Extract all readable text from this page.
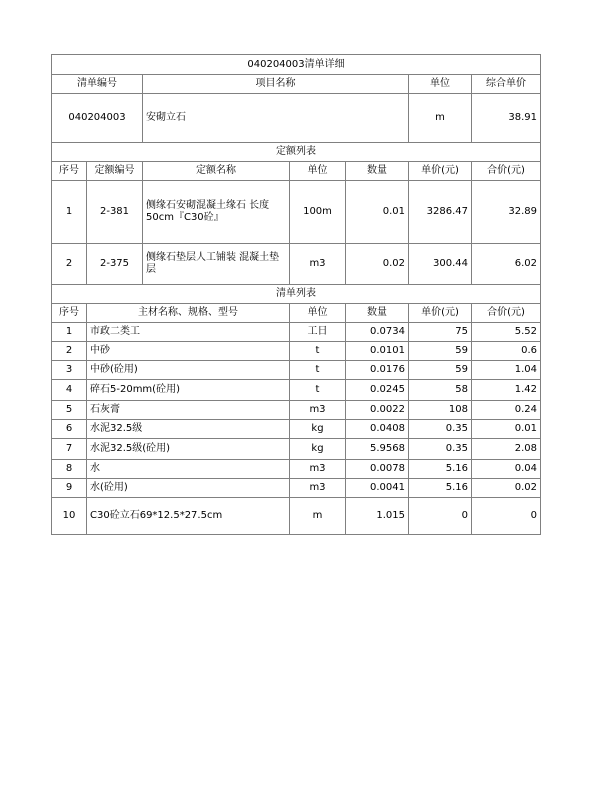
040204003清单详细						
清单编号		项目名称			单位	综合单价
040204003		安砌立石			m	38.91
定额列表						
序号	定额编号	定额名称	单位	数量	单价(元)	合价(元)
1	2-381	侧缘石安砌混凝土缘石 长度50cm『C30砼』	100m	0.01	3286.47	32.89
2	2-375	侧缘石垫层人工铺装 混凝土垫层	m3	0.02	300.44	6.02
清单列表						
序号	主材名称、规格、型号		单位	数量	单价(元)	合价(元)
1	市政二类工		工日	0.0734	75	5.52
2	中砂		t	0.0101	59	0.6
3	中砂(砼用)		t	0.0176	59	1.04
4	碎石5-20mm(砼用)		t	0.0245	58	1.42
5	石灰膏		m3	0.0022	108	0.24
6	水泥32.5级		kg	0.0408	0.35	0.01
7	水泥32.5级(砼用)		kg	5.9568	0.35	2.08
8	水		m3	0.0078	5.16	0.04
9	水(砼用)		m3	0.0041	5.16	0.02
10	C30砼立石69*12.5*27.5cm		m	1.015	0	0
